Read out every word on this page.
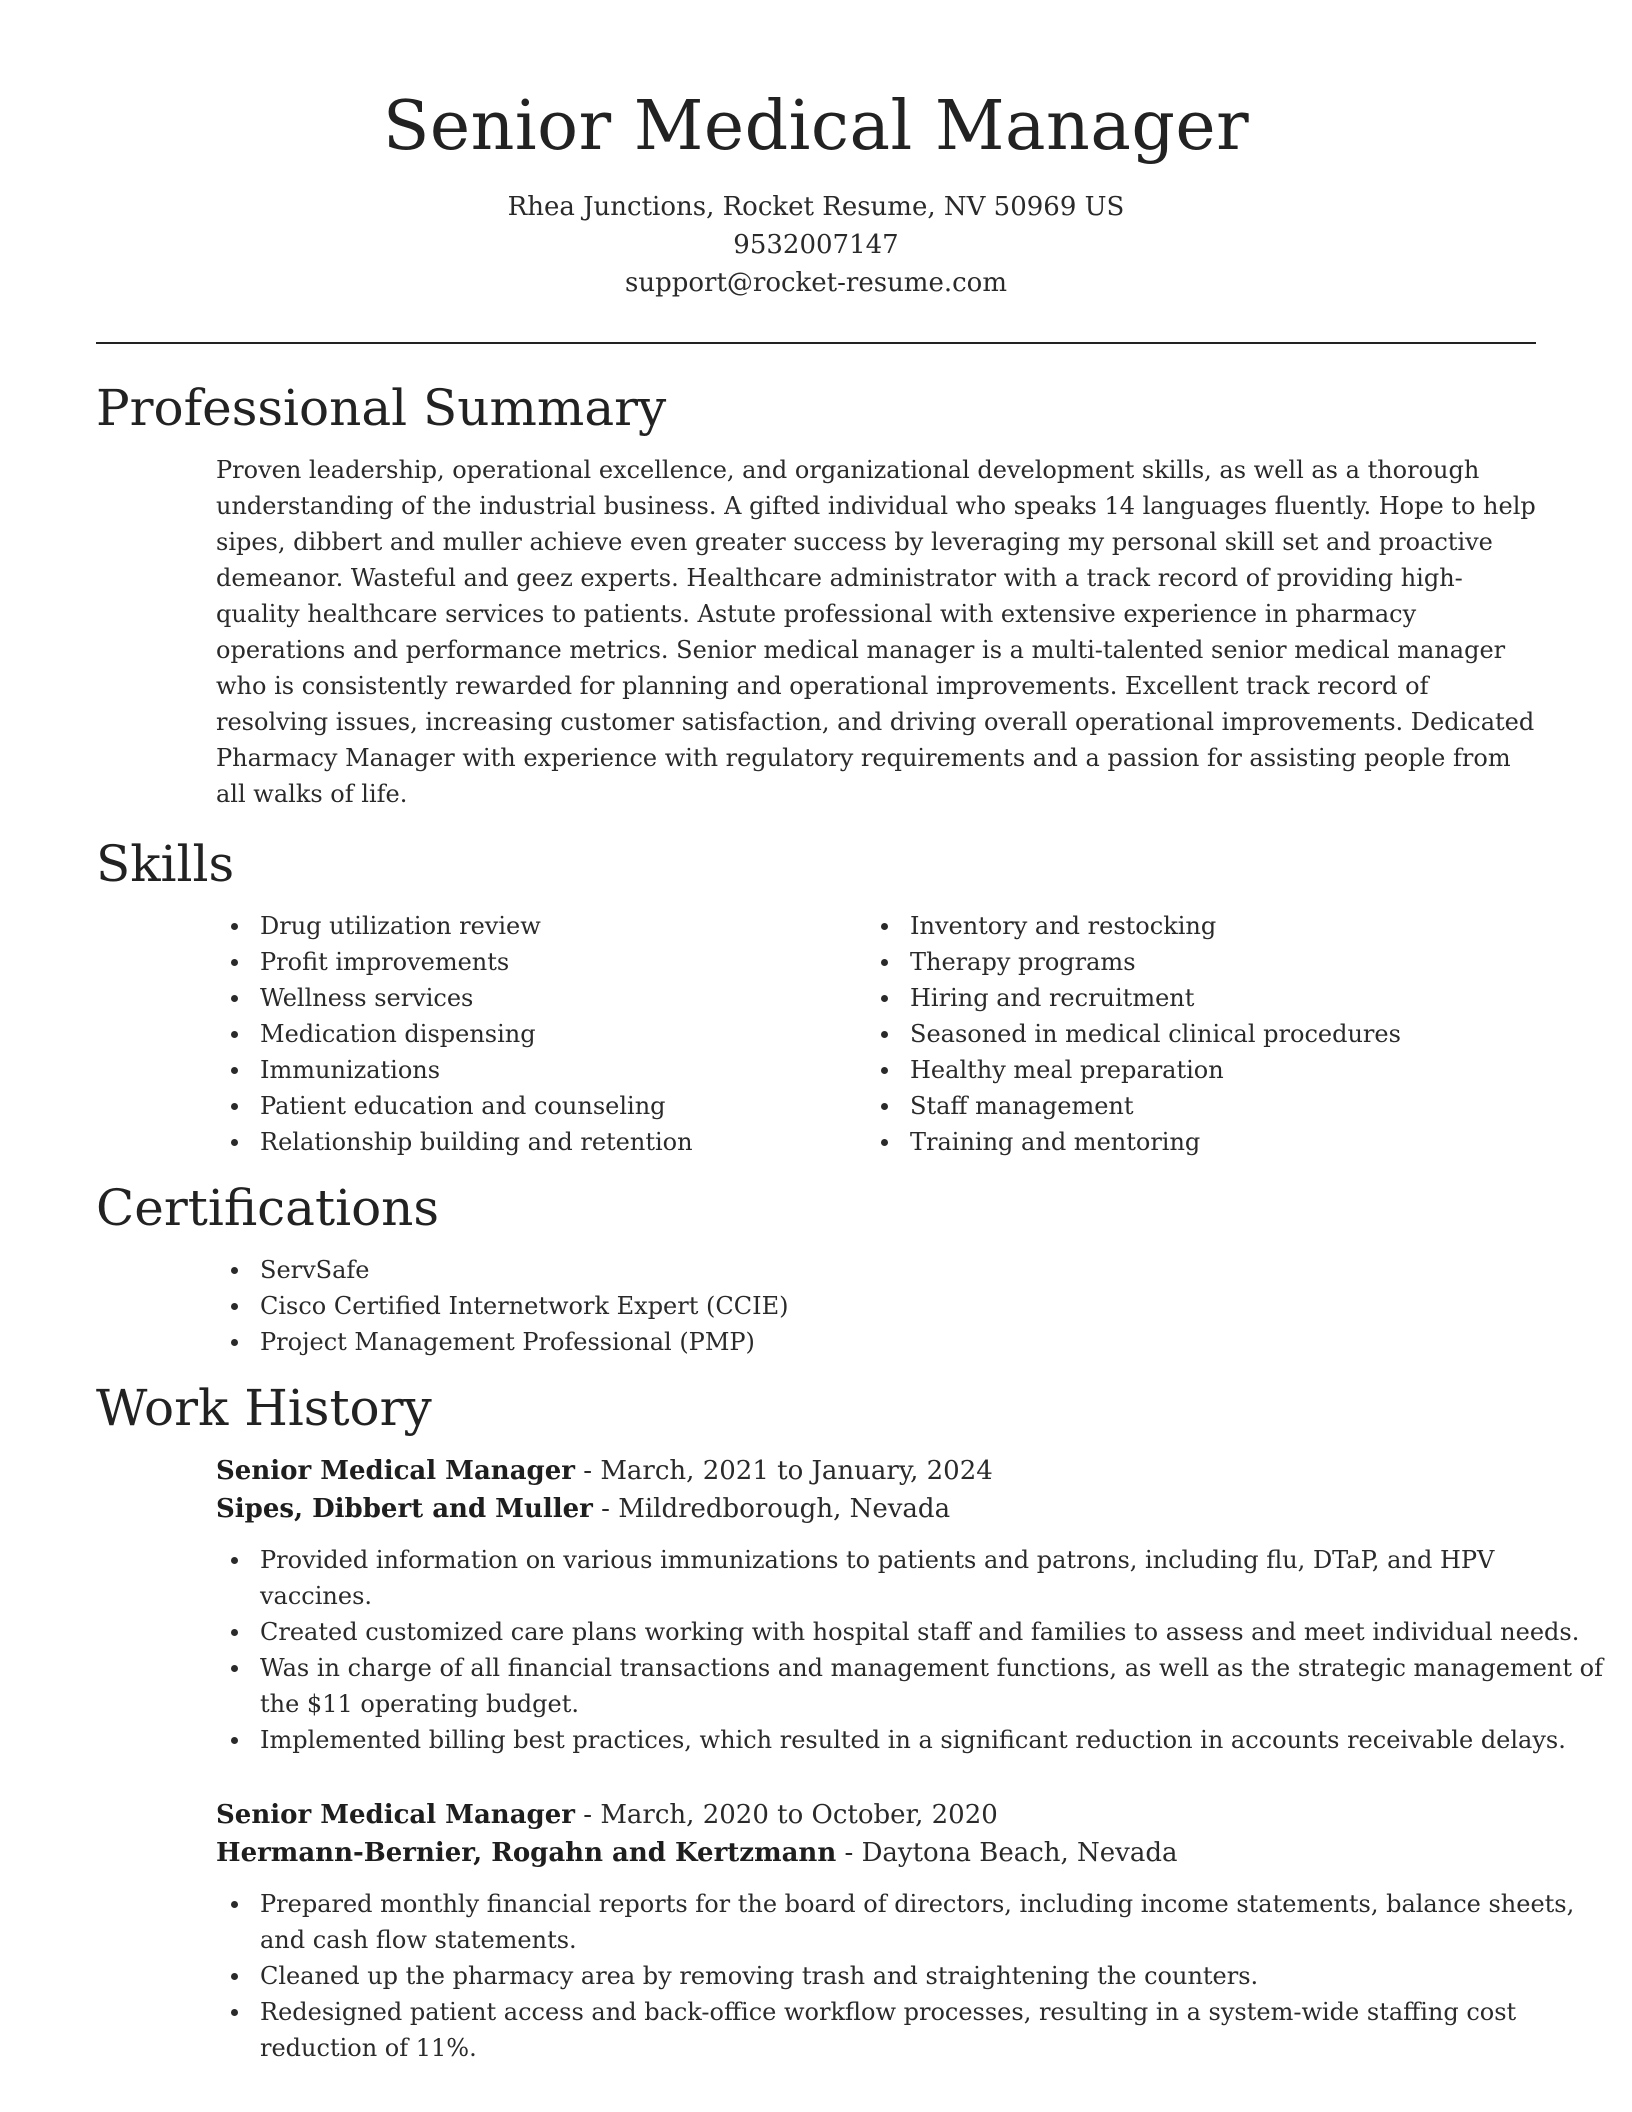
Senior Medical Manager
Rhea Junctions, Rocket Resume, NV 50969 US
9532007147
support@rocket-resume.com
Professional Summary

Proven leadership, operational excellence, and organizational development skills, as well as a thorough understanding of the industrial business. A gifted individual who speaks 14 languages fluently. Hope to help sipes, dibbert and muller achieve even greater success by leveraging my personal skill set and proactive demeanor. Wasteful and geez experts. Healthcare administrator with a track record of providing high-quality healthcare services to patients. Astute professional with extensive experience in pharmacy operations and performance metrics. Senior medical manager is a multi-talented senior medical manager who is consistently rewarded for planning and operational improvements. Excellent track record of resolving issues, increasing customer satisfaction, and driving overall operational improvements. Dedicated Pharmacy Manager with experience with regulatory requirements and a passion for assisting people from all walks of life.

Skills
Drug utilization review
Profit improvements
Wellness services
Medication dispensing
Immunizations
Patient education and counseling
Relationship building and retention
Inventory and restocking
Therapy programs
Hiring and recruitment
Seasoned in medical clinical procedures
Healthy meal preparation
Staff management
Training and mentoring
Certifications
ServSafe
Cisco Certified Internetwork Expert (CCIE)
Project Management Professional (PMP)
Work History
Senior Medical Manager - March, 2021 to January, 2024
Sipes, Dibbert and Muller - Mildredborough, Nevada
Provided information on various immunizations to patients and patrons, including flu, DTaP, and HPV vaccines.
Created customized care plans working with hospital staff and families to assess and meet individual needs.
Was in charge of all financial transactions and management functions, as well as the strategic management of the $11 operating budget.
Implemented billing best practices, which resulted in a significant reduction in accounts receivable delays.
Senior Medical Manager - March, 2020 to October, 2020
Hermann-Bernier, Rogahn and Kertzmann - Daytona Beach, Nevada
Prepared monthly financial reports for the board of directors, including income statements, balance sheets, and cash flow statements.
Cleaned up the pharmacy area by removing trash and straightening the counters.
Redesigned patient access and back-office workflow processes, resulting in a system-wide staffing cost reduction of 11%.
